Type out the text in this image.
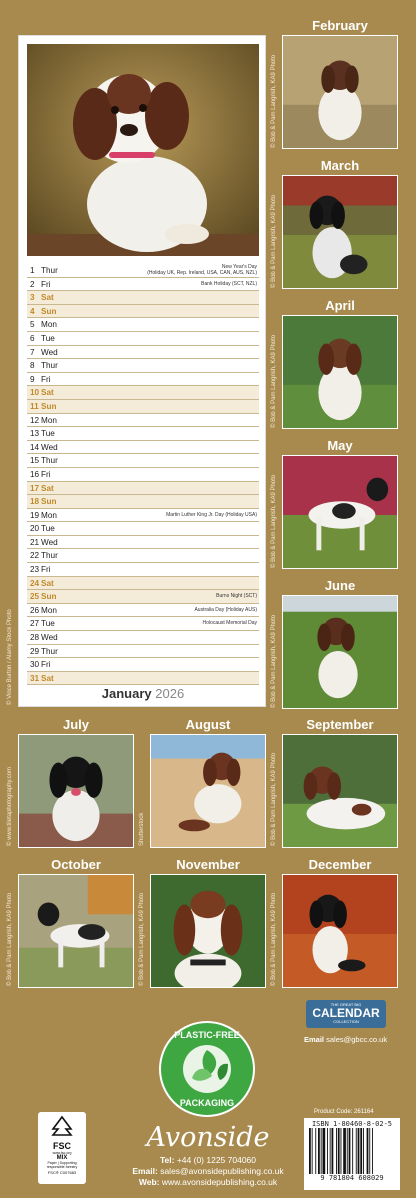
1 Thur	New Year's Day
(Holiday UK, Rep. Ireland, USA, CAN, AUS, NZL)
2 Fri	Bank Holiday (SCT, NZL)
3 Sat
4 Sun
5 Mon
6 Tue
7 Wed
8 Thur
9 Fri
10 Sat
11 Sun
12 Mon
13 Tue
14 Wed
15 Thur
16 Fri
17 Sat
18 Sun
19 Mon	Martin Luther King Jr. Day (Holiday USA)
20 Tue
21 Wed
22 Thur
23 Fri
24 Sat
25 Sun	Burns Night (SCT)
26 Mon	Australia Day (Holiday AUS)
27 Tue	Holocaust Memorial Day
28 Wed
29 Thur
30 Fri
31 Sat
January 2026
© Vince Burton / Alamy Stock Photo
February
© Bob & Pam Langrish, KA9 Photo
March
© Bob & Pam Langrish, KA9 Photo
April
© Bob & Pam Langrish, KA9 Photo
May
© Bob & Pam Langrish, KA9 Photo
June
© Bob & Pam Langrish, KA9 Photo
July
© www.tiletaphotography.com
August
Shutterstock
September
© Bob & Pam Langrish, KA9 Photo
October
© Bob & Pam Langrish, KA9 Photo
November
© Bob & Pam Langrish, KA9 Photo
December
© Bob & Pam Langrish, KA9 Photo
THE GREAT BIG
CALENDAR
COLLECTION
Email sales@gbcc.co.uk
PLASTIC-FREE
PACKAGING
FSC
www.fsc.org
MIX
Paper | Supporting responsible forestry
FSC® C007683
Avonside
Tel: +44 (0) 1225 704060
Email: sales@avonsidepublishing.co.uk
Web: www.avonsidepublishing.co.uk
Product Code: 261164
ISBN 1-80460-8-02-5
9 781804 608029
